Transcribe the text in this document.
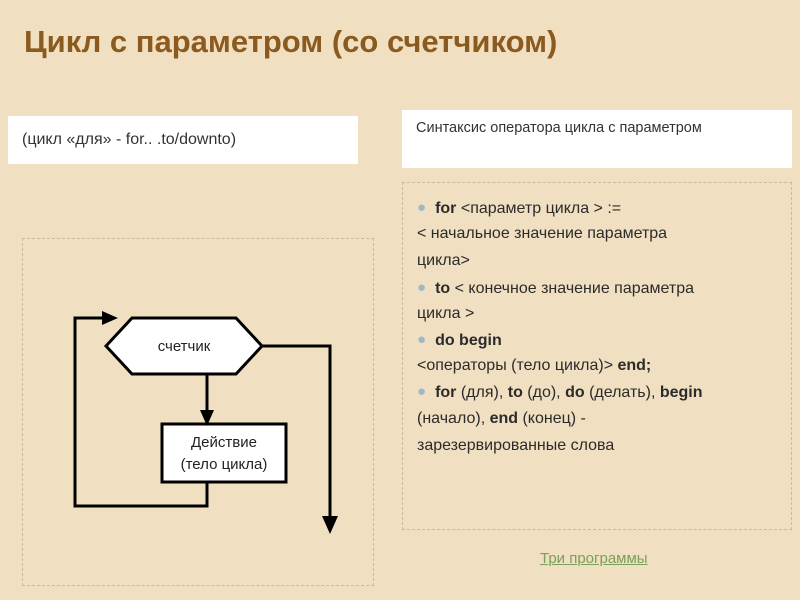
Цикл с параметром (со счетчиком)
(цикл «для» - for.. .to/downto)
Синтаксис оператора цикла с параметром
счетчик
Действие
(тело цикла)
● for <параметр цикла > :=
< начальное значение параметра
цикла>
● to < конечное значение параметра
цикла >
● do begin
<операторы (тело цикла)> end;
● for (для), to (до), do (делать), begin
(начало), end (конец) -
зарезервированные слова
Три программы
